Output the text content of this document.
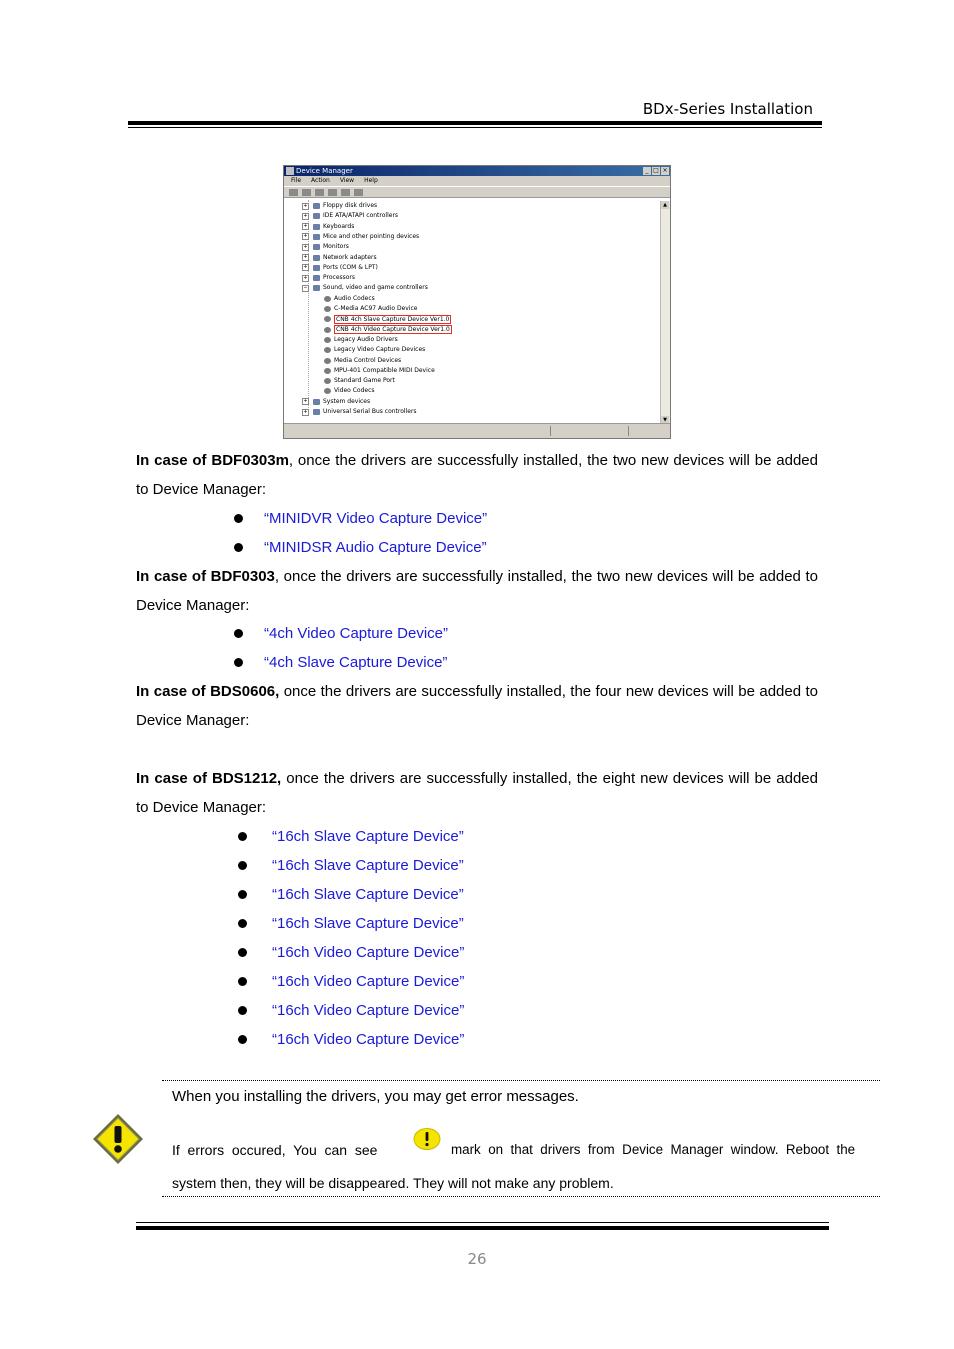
BDx-Series Installation
Device Manager	_ □ ×
File Action View Help
+	Floppy disk drives
+	IDE ATA/ATAPI controllers
+	Keyboards
+	Mice and other pointing devices
+	Monitors
+	Network adapters
+	Ports (COM & LPT)
+	Processors
−	Sound, video and game controllers
Audio Codecs
C-Media AC97 Audio Device
CNB 4ch Slave Capture Device Ver1.0
CNB 4ch Video Capture Device Ver1.0
Legacy Audio Drivers
Legacy Video Capture Devices
Media Control Devices
MPU-401 Compatible MIDI Device
Standard Game Port
Video Codecs
+	System devices
+	Universal Serial Bus controllers
▲
▼
In case of BDF0303m, once the drivers are successfully installed, the two new devices will be added to Device Manager:
“MINIDVR Video Capture Device”
“MINIDSR Audio Capture Device”
In case of BDF0303, once the drivers are successfully installed, the two new devices will be added to Device Manager:
“4ch Video Capture Device”
“4ch Slave Capture Device”
In case of BDS0606, once the drivers are successfully installed, the four new devices will be added to Device Manager:
In case of BDS1212, once the drivers are successfully installed, the eight new devices will be added to Device Manager:
“16ch Slave Capture Device”
“16ch Slave Capture Device”
“16ch Slave Capture Device”
“16ch Slave Capture Device”
“16ch Video Capture Device”
“16ch Video Capture Device”
“16ch Video Capture Device”
“16ch Video Capture Device”
When you installing the drivers, you may get error messages.
If  errors  occured,  You  can  see	mark  on  that  drivers  from  Device  Manager  window.  Reboot  the
system then, they will be disappeared. They will not make any problem.
26
